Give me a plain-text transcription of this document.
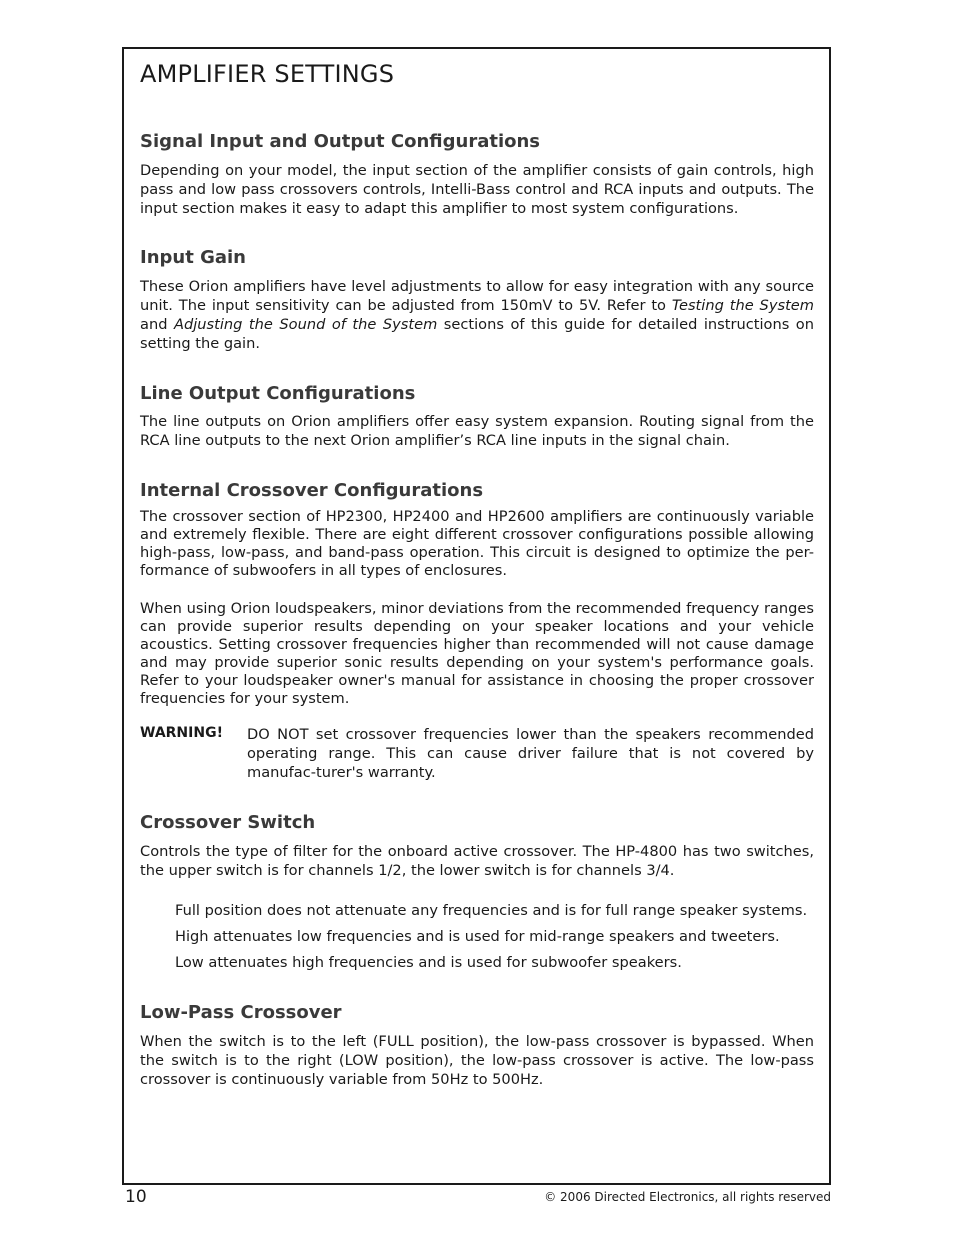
AMPLIFIER SETTINGS
Signal Input and Output Configurations

Depending on your model, the input section of the amplifier consists of gain controls, high pass and low pass crossovers controls, Intelli-Bass control and RCA inputs and outputs. The input section makes it easy to adapt this amplifier to most system configurations.

Input Gain

These Orion amplifiers have level adjustments to allow for easy integration with any source unit. The input sensitivity can be adjusted from 150mV to 5V. Refer to Testing the System and Adjusting the Sound of the System sections of this guide for detailed instructions on setting the gain.

Line Output Configurations

The line outputs on Orion amplifiers offer easy system expansion. Routing signal from the RCA line outputs to the next Orion amplifier’s RCA line inputs in the signal chain.

Internal Crossover Configurations

The crossover section of HP2300, HP2400 and HP2600 amplifiers are continuously variable and extremely flexible. There are eight different crossover configurations possible allowing high-pass, low-pass, and band-pass operation. This circuit is designed to optimize the per-formance of subwoofers in all types of enclosures.

When using Orion loudspeakers, minor deviations from the recommended frequency ranges can provide superior results depending on your speaker locations and your vehicle acoustics. Setting crossover frequencies higher than recommended will not cause damage and may provide superior sonic results depending on your system's performance goals. Refer to your loudspeaker owner's manual for assistance in choosing the proper crossover frequencies for your system.

WARNING! DO NOT set crossover frequencies lower than the speakers recommended operating range. This can cause driver failure that is not covered by manufac-turer's warranty.

Crossover Switch

Controls the type of filter for the onboard active crossover. The HP-4800 has two switches, the upper switch is for channels 1/2, the lower switch is for channels 3/4.

Full position does not attenuate any frequencies and is for full range speaker systems.

High attenuates low frequencies and is used for mid-range speakers and tweeters.

Low attenuates high frequencies and is used for subwoofer speakers.

Low-Pass Crossover

When the switch is to the left (FULL position), the low-pass crossover is bypassed. When the switch is to the right (LOW position), the low-pass crossover is active. The low-pass crossover is continuously variable from 50Hz to 500Hz.

10	© 2006 Directed Electronics, all rights reserved
